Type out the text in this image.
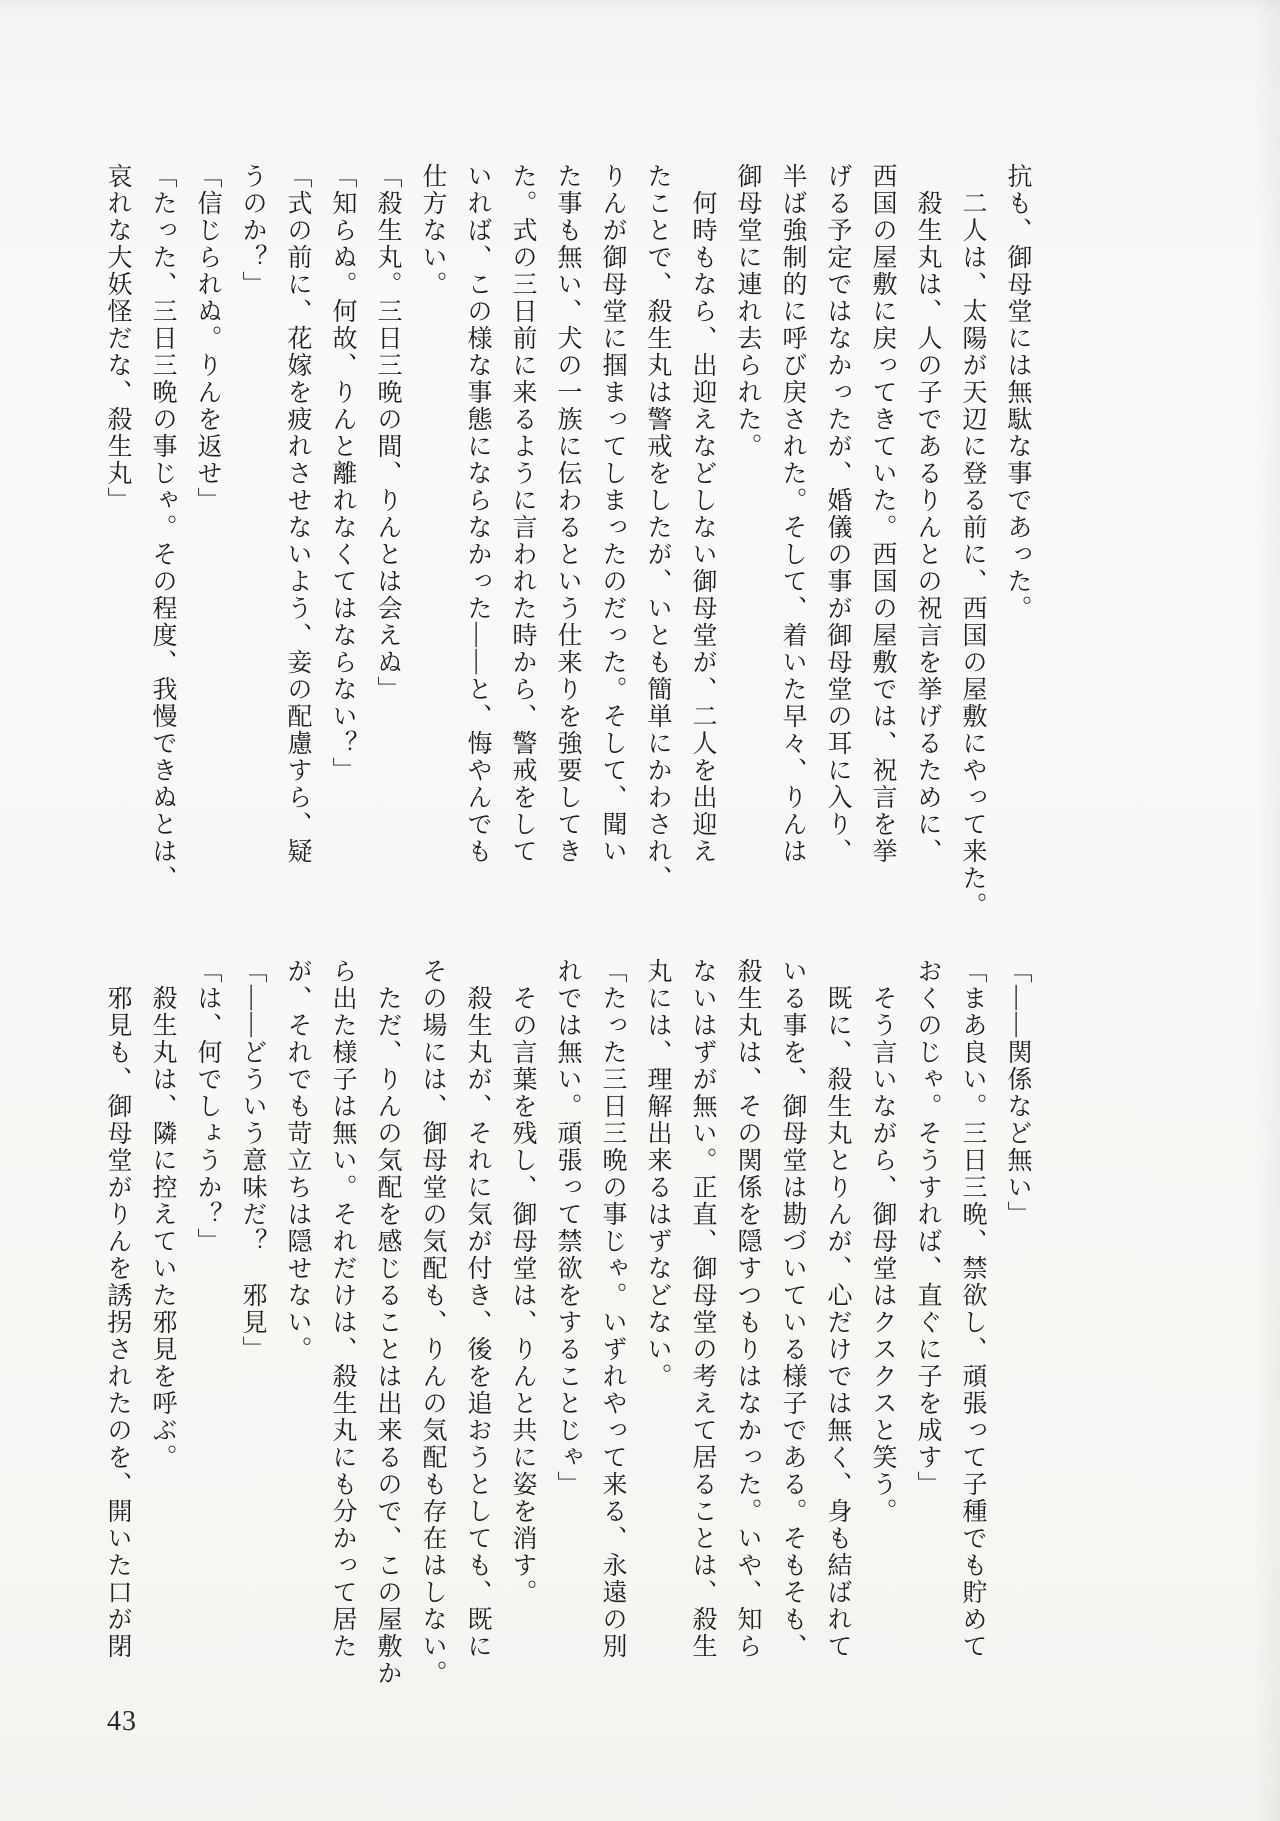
抗も、御母堂には無駄な事であった。
　二人は、太陽が天辺に登る前に、西国の屋敷にやって来た。
　殺生丸は、人の子であるりんとの祝言を挙げるために、
西国の屋敷に戻ってきていた。西国の屋敷では、祝言を挙
げる予定ではなかったが、婚儀の事が御母堂の耳に入り、
半ば強制的に呼び戻された。そして、着いた早々、りんは
御母堂に連れ去られた。
　何時もなら、出迎えなどしない御母堂が、二人を出迎え
たことで、殺生丸は警戒をしたが、いとも簡単にかわされ、
りんが御母堂に掴まってしまったのだった。そして、聞い
た事も無い、犬の一族に伝わるという仕来りを強要してき
た。式の三日前に来るように言われた時から、警戒をして
いれば、この様な事態にならなかった——と、悔やんでも
仕方ない。
「殺生丸。三日三晩の間、りんとは会えぬ」
「知らぬ。何故、りんと離れなくてはならない？」
「式の前に、花嫁を疲れさせないよう、妾の配慮すら、疑
うのか？」
「信じられぬ。りんを返せ」
「たった、三日三晩の事じゃ。その程度、我慢できぬとは、
哀れな大妖怪だな、殺生丸」
「——関係など無い」
「まあ良い。三日三晩、禁欲し、頑張って子種でも貯めて
おくのじゃ。そうすれば、直ぐに子を成す」
　そう言いながら、御母堂はクスクスと笑う。
　既に、殺生丸とりんが、心だけでは無く、身も結ばれて
いる事を、御母堂は勘づいている様子である。そもそも、
殺生丸は、その関係を隠すつもりはなかった。いや、知ら
ないはずが無い。正直、御母堂の考えて居ることは、殺生
丸には、理解出来るはずなどない。
「たった三日三晩の事じゃ。いずれやって来る、永遠の別
れでは無い。頑張って禁欲をすることじゃ」
　その言葉を残し、御母堂は、りんと共に姿を消す。
　殺生丸が、それに気が付き、後を追おうとしても、既に
その場には、御母堂の気配も、りんの気配も存在はしない。
　ただ、りんの気配を感じることは出来るので、この屋敷か
ら出た様子は無い。それだけは、殺生丸にも分かって居た
が、それでも苛立ちは隠せない。
「——どういう意味だ？　邪見」
「は、何でしょうか？」
　殺生丸は、隣に控えていた邪見を呼ぶ。
　邪見も、御母堂がりんを誘拐されたのを、開いた口が閉
43
